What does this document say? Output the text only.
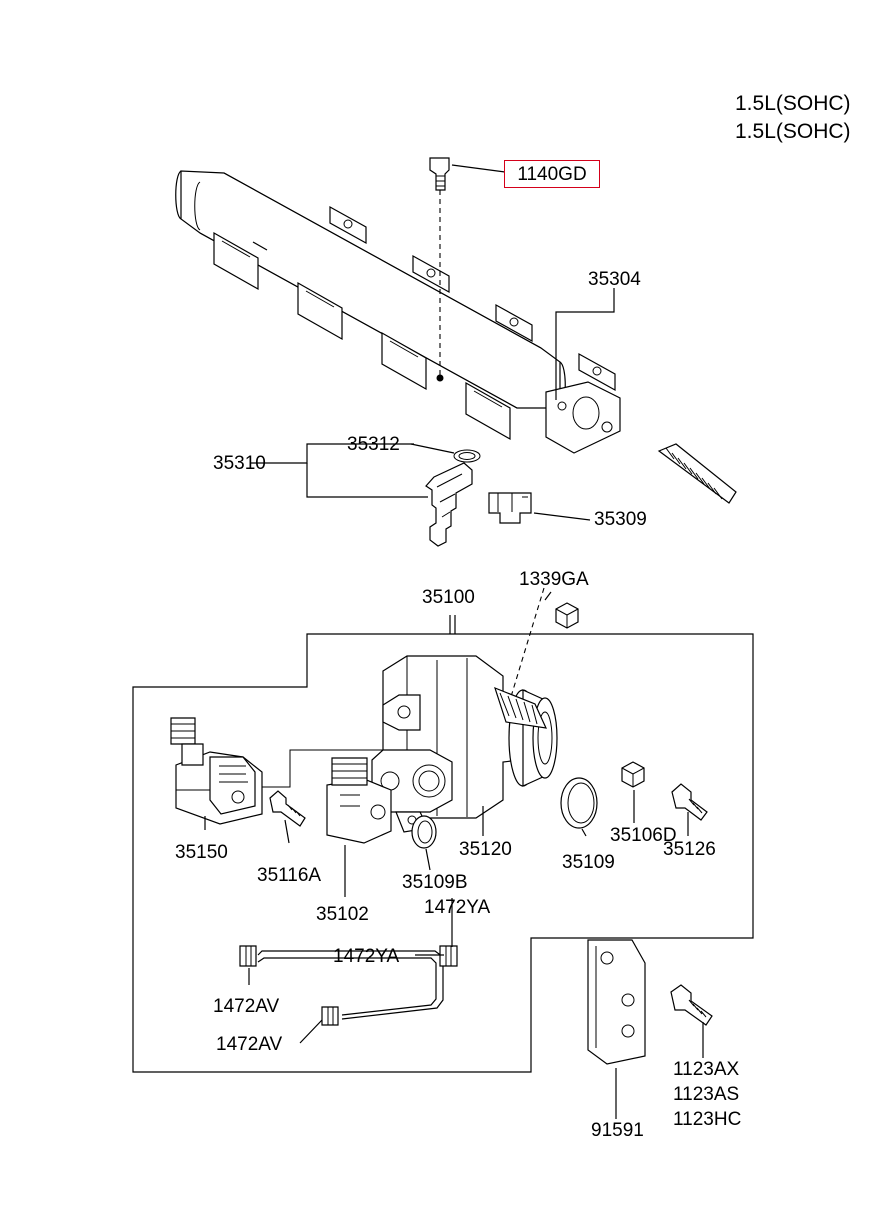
1.5L(SOHC)
1.5L(SOHC)
1140GD
35304
35310
35312
35309
1339GA
35100
35150
35116A
35102
35109B
1472YA
35120
35109
35106D
35126
1472YA
1472AV
1472AV
1123AX
1123AS
1123HC
91591
